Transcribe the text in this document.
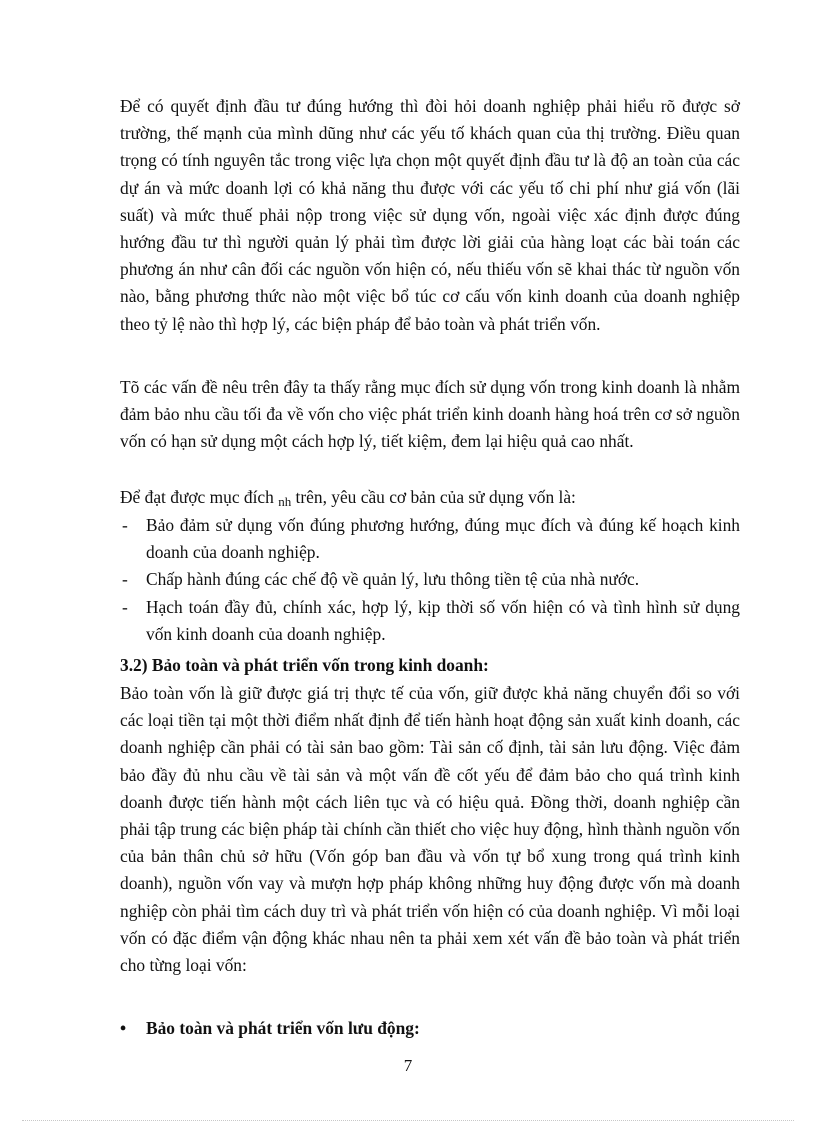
Để có quyết định đầu tư đúng hướng thì đòi hỏi doanh nghiệp phải hiểu rõ được sở trường, thế mạnh của mình dũng như các yếu tố khách quan của thị trường. Điều quan trọng có tính nguyên tắc trong việc lựa chọn một quyết định đầu tư là độ an toàn của các dự án và mức doanh lợi có khả năng thu được với các yếu tố chi phí như giá vốn (lãi suất) và mức thuế phải nộp trong việc sử dụng vốn, ngoài việc xác định được đúng hướng đầu tư thì người quản lý phải tìm được lời giải của hàng loạt các bài toán các phương án như cân đối các nguồn vốn hiện có, nếu thiếu vốn sẽ khai thác từ nguồn vốn nào, bằng phương thức nào một việc bổ túc cơ cấu vốn kinh doanh của doanh nghiệp theo tỷ lệ nào thì hợp lý, các biện pháp để bảo toàn và phát triển vốn.

Tõ các vấn đề nêu trên đây ta thấy rằng mục đích sử dụng vốn trong kinh doanh là nhằm đảm bảo nhu cầu tối đa về vốn cho việc phát triển kinh doanh hàng hoá trên cơ sở nguồn vốn có hạn sử dụng một cách hợp lý, tiết kiệm, đem lại hiệu quả cao nhất.

Để đạt được mục đích $_{nh}$ trên, yêu cầu cơ bản của sử dụng vốn là:

- Bảo đảm sử dụng vốn đúng phương hướng, đúng mục đích và đúng kế hoạch kinh doanh của doanh nghiệp.
- Chấp hành đúng các chế độ về quản lý, lưu thông tiền tệ của nhà nước.
- Hạch toán đầy đủ, chính xác, hợp lý, kịp thời số vốn hiện có và tình hình sử dụng vốn kinh doanh của doanh nghiệp.

3.2) Bảo toàn và phát triển vốn trong kinh doanh:

Bảo toàn vốn là giữ được giá trị thực tế của vốn, giữ được khả năng chuyển đổi so với các loại tiền tại một thời điểm nhất định để tiến hành hoạt động sản xuất kinh doanh, các doanh nghiệp cần phải có tài sản bao gồm: Tài sản cố định, tài sản lưu động. Việc đảm bảo đầy đủ nhu cầu về tài sản và một vấn đề cốt yếu để đảm bảo cho quá trình kinh doanh được tiến hành một cách liên tục và có hiệu quả. Đồng thời, doanh nghiệp cần phải tập trung các biện pháp tài chính cần thiết cho việc huy động, hình thành nguồn vốn của bản thân chủ sở hữu (Vốn góp ban đầu và vốn tự bổ xung trong quá trình kinh doanh), nguồn vốn vay và mượn hợp pháp không những huy động được vốn mà doanh nghiệp còn phải tìm cách duy trì và phát triển vốn hiện có của doanh nghiệp. Vì mỗi loại vốn có đặc điểm vận động khác nhau nên ta phải xem xét vấn đề bảo toàn và phát triển cho từng loại vốn:

• Bảo toàn và phát triển vốn lưu động:

7
